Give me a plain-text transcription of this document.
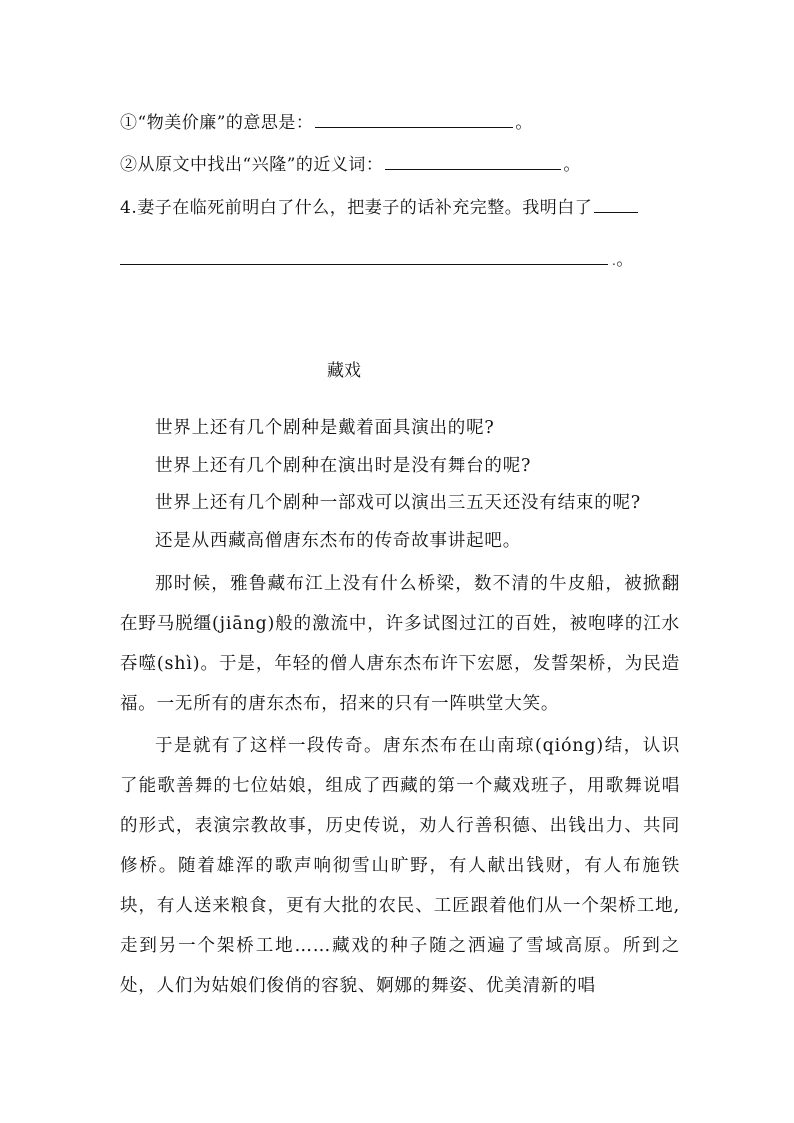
①“物美价廉”的意思是：	。
②从原文中找出“兴隆”的近义词：	。
4.妻子在临死前明白了什么，把妻子的话补充完整。我明白了
.。
藏戏

世界上还有几个剧种是戴着面具演出的呢?

世界上还有几个剧种在演出时是没有舞台的呢?

世界上还有几个剧种一部戏可以演出三五天还没有结束的呢?

还是从西藏高僧唐东杰布的传奇故事讲起吧。

那时候，雅鲁藏布江上没有什么桥梁，数不清的牛皮船，被掀翻在野马脱缰(jiāng)般的激流中，许多试图过江的百姓，被咆哮的江水吞噬(shì)。于是，年轻的僧人唐东杰布许下宏愿，发誓架桥，为民造福。一无所有的唐东杰布，招来的只有一阵哄堂大笑。

于是就有了这样一段传奇。唐东杰布在山南琼(qióng)结，认识了能歌善舞的七位姑娘，组成了西藏的第一个藏戏班子，用歌舞说唱的形式，表演宗教故事，历史传说，劝人行善积德、出钱出力、共同修桥。随着雄浑的歌声响彻雪山旷野，有人献出钱财，有人布施铁块，有人送来粮食，更有大批的农民、工匠跟着他们从一个架桥工地,走到另一个架桥工地……藏戏的种子随之洒遍了雪域高原。所到之处，人们为姑娘们俊俏的容貌、婀娜的舞姿、优美清新的唱
